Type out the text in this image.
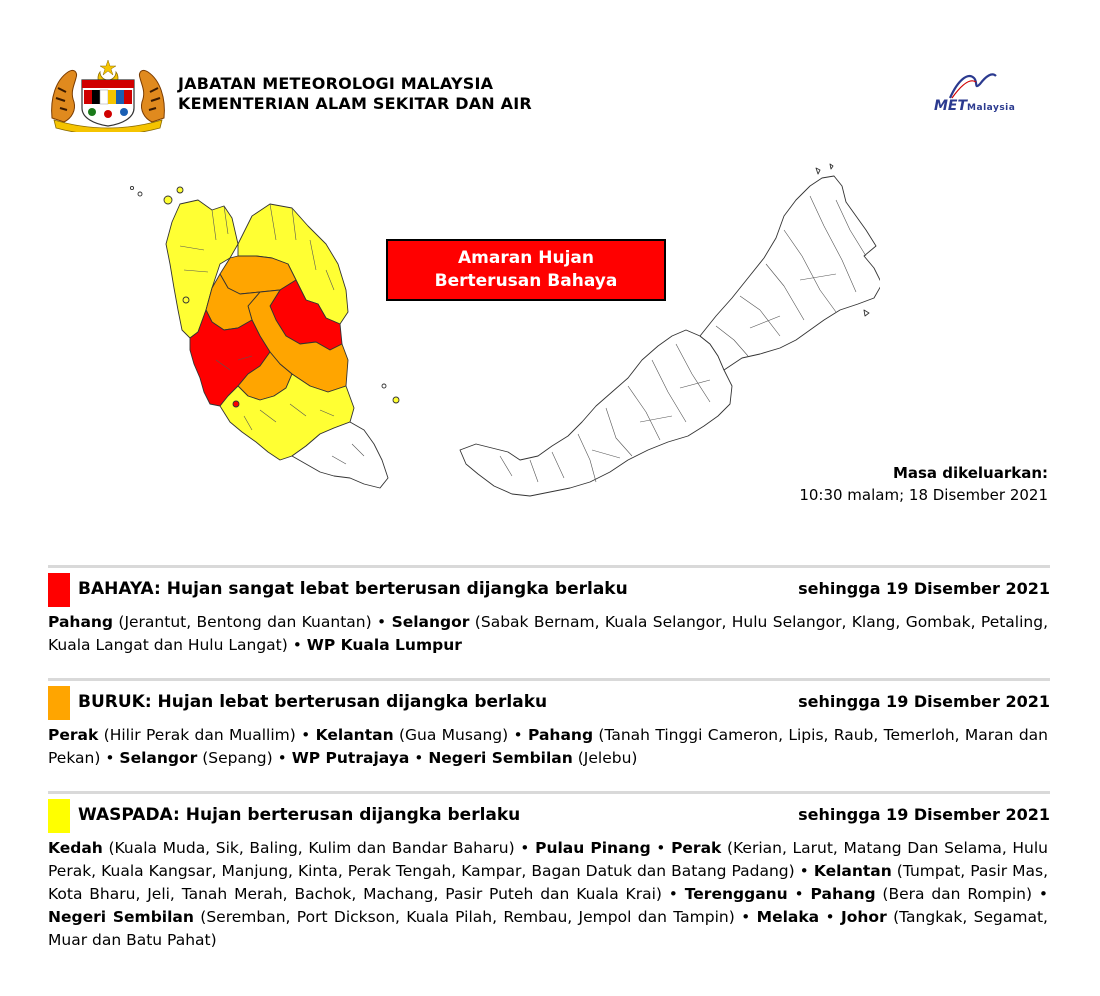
JABATAN METEOROLOGI MALAYSIA
KEMENTERIAN ALAM SEKITAR DAN AIR	METMalaysia
Amaran Hujan
Berterusan Bahaya
Masa dikeluarkan:
10:30 malam; 18 Disember 2021
BAHAYA: Hujan sangat lebat berterusan dijangka berlaku	sehingga 19 Disember 2021
Pahang (Jerantut, Bentong dan Kuantan) • Selangor (Sabak Bernam, Kuala Selangor, Hulu Selangor, Klang, Gombak, Petaling, Kuala Langat dan Hulu Langat) • WP Kuala Lumpur
BURUK: Hujan lebat berterusan dijangka berlaku	sehingga 19 Disember 2021
Perak (Hilir Perak dan Muallim) • Kelantan (Gua Musang) • Pahang (Tanah Tinggi Cameron, Lipis, Raub, Temerloh, Maran dan Pekan) • Selangor (Sepang) • WP Putrajaya • Negeri Sembilan (Jelebu)
WASPADA: Hujan berterusan dijangka berlaku	sehingga 19 Disember 2021
Kedah (Kuala Muda, Sik, Baling, Kulim dan Bandar Baharu) • Pulau Pinang • Perak (Kerian, Larut, Matang Dan Selama, Hulu Perak, Kuala Kangsar, Manjung, Kinta, Perak Tengah, Kampar, Bagan Datuk dan Batang Padang) • Kelantan (Tumpat, Pasir Mas, Kota Bharu, Jeli, Tanah Merah, Bachok, Machang, Pasir Puteh dan Kuala Krai) • Terengganu • Pahang (Bera dan Rompin) • Negeri Sembilan (Seremban, Port Dickson, Kuala Pilah, Rembau, Jempol dan Tampin) • Melaka • Johor (Tangkak, Segamat, Muar dan Batu Pahat)
